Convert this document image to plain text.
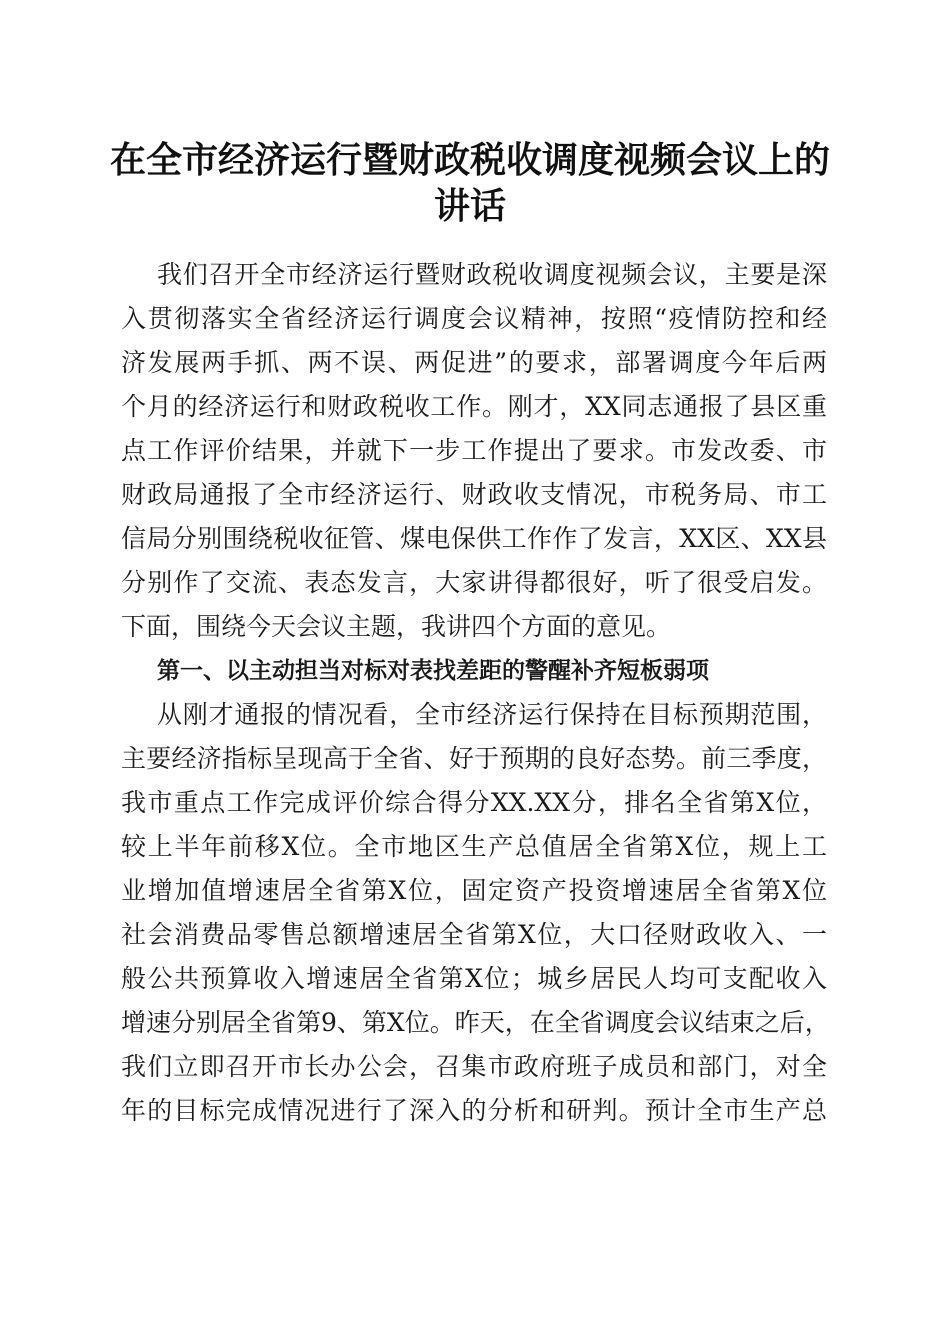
在全市经济运行暨财政税收调度视频会议上的
讲话
我们召开全市经济运行暨财政税收调度视频会议，主要是深
入贯彻落实全省经济运行调度会议精神，按照“疫情防控和经
济发展两手抓、两不误、两促进”的要求，部署调度今年后两
个月的经济运行和财政税收工作。刚才，XX同志通报了县区重
点工作评价结果，并就下一步工作提出了要求。市发改委、市
财政局通报了全市经济运行、财政收支情况，市税务局、市工
信局分别围绕税收征管、煤电保供工作作了发言，XX区、XX县
分别作了交流、表态发言，大家讲得都很好，听了很受启发。
下面，围绕今天会议主题，我讲四个方面的意见。
第一、以主动担当对标对表找差距的警醒补齐短板弱项
从刚才通报的情况看，全市经济运行保持在目标预期范围，
主要经济指标呈现高于全省、好于预期的良好态势。前三季度，
我市重点工作完成评价综合得分XX.XX分，排名全省第X位，
较上半年前移X位。全市地区生产总值居全省第X位，规上工
业增加值增速居全省第X位，固定资产投资增速居全省第X位
社会消费品零售总额增速居全省第X位，大口径财政收入、一
般公共预算收入增速居全省第X位；城乡居民人均可支配收入
增速分别居全省第9、第X位。昨天，在全省调度会议结束之后，
我们立即召开市长办公会，召集市政府班子成员和部门，对全
年的目标完成情况进行了深入的分析和研判。预计全市生产总
